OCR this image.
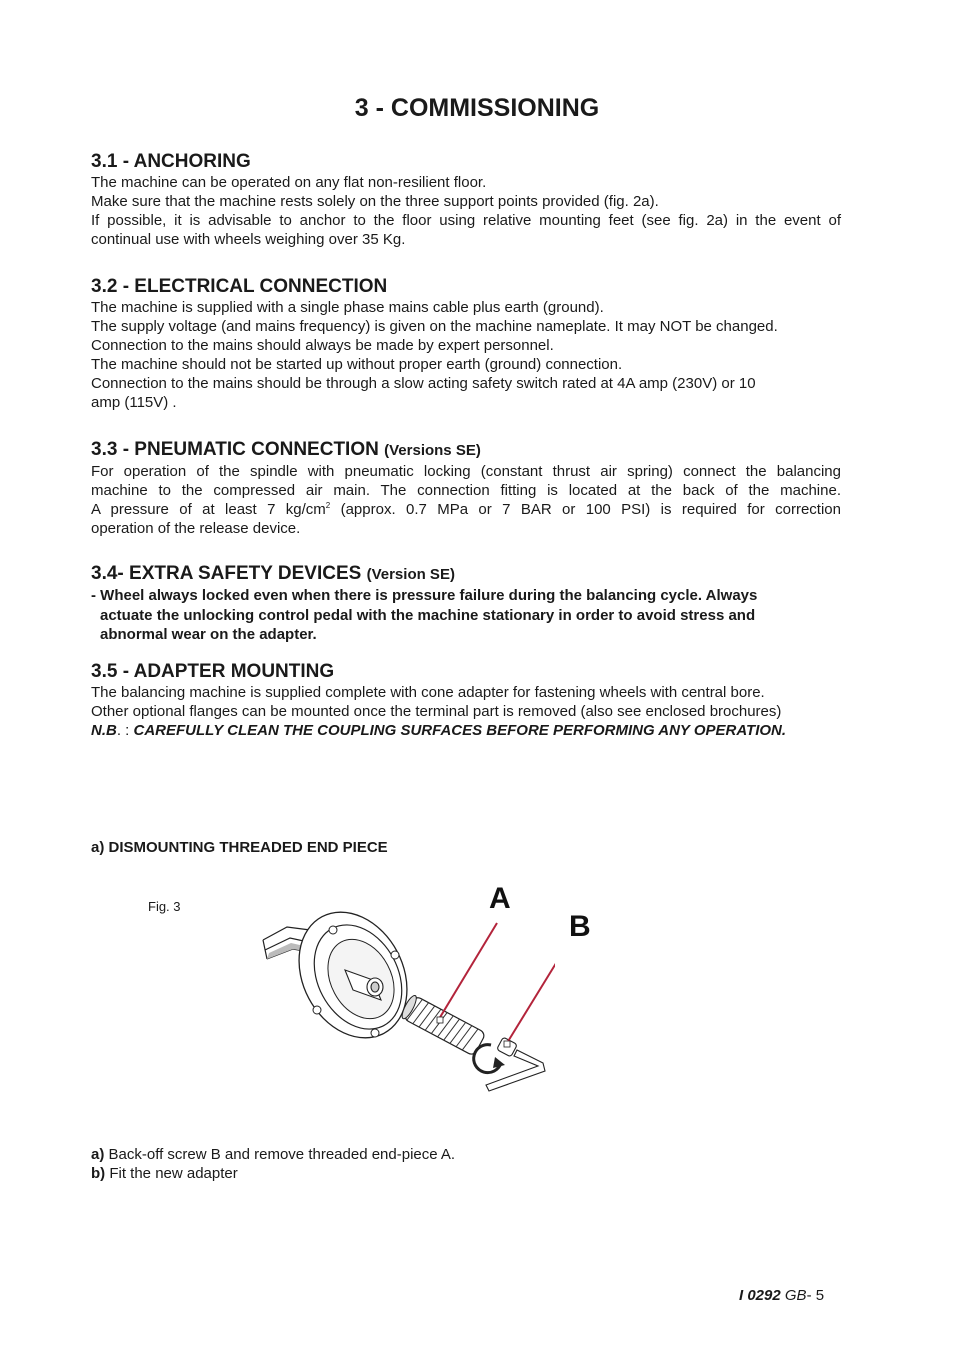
3 - COMMISSIONING
3.1 - ANCHORING

The machine can be operated on any flat non-resilient floor.

Make sure that the machine rests solely on the three support points provided (fig. 2a).

If possible, it is advisable to anchor to the floor using relative mounting feet (see fig. 2a) in the event of

continual use with wheels weighing over 35 Kg.

3.2 - ELECTRICAL CONNECTION

The machine is supplied with a single phase mains cable plus earth (ground).

The supply voltage (and mains frequency) is given on the machine nameplate. It may NOT be changed.

Connection to the mains should always be made by expert personnel.

The machine should not be started up without proper earth (ground) connection.

Connection to the mains should be through a slow acting safety switch rated at 4A amp (230V) or 10

amp (115V) .

3.3 - PNEUMATIC CONNECTION (Versions SE)

For operation of the spindle with pneumatic locking (constant thrust air spring) connect the balancing

machine to the compressed air main. The connection fitting is located at the back of the machine.

A pressure of at least 7 $kg/cm^2$ (approx. 0.7 MPa or 7 BAR or 100 PSI) is required for correction

operation of the release device.

3.4- EXTRA SAFETY DEVICES (Version SE)
- Wheel always locked even when there is pressure failure during the balancing cycle. Always
actuate the unlocking control pedal with the machine stationary in order to avoid stress and
abnormal wear on the adapter.
3.5 - ADAPTER MOUNTING

The balancing machine is supplied complete with cone adapter for fastening wheels with central bore.

Other optional flanges can be mounted once the terminal part is removed (also see enclosed brochures)

N.B. : CAREFULLY CLEAN THE COUPLING SURFACES BEFORE PERFORMING ANY OPERATION.

a) DISMOUNTING THREADED END PIECE

Fig. 3	A
B

a) Back-off screw B and remove threaded end-piece A.

b) Fit the new adapter

I 0292 GB- 5
